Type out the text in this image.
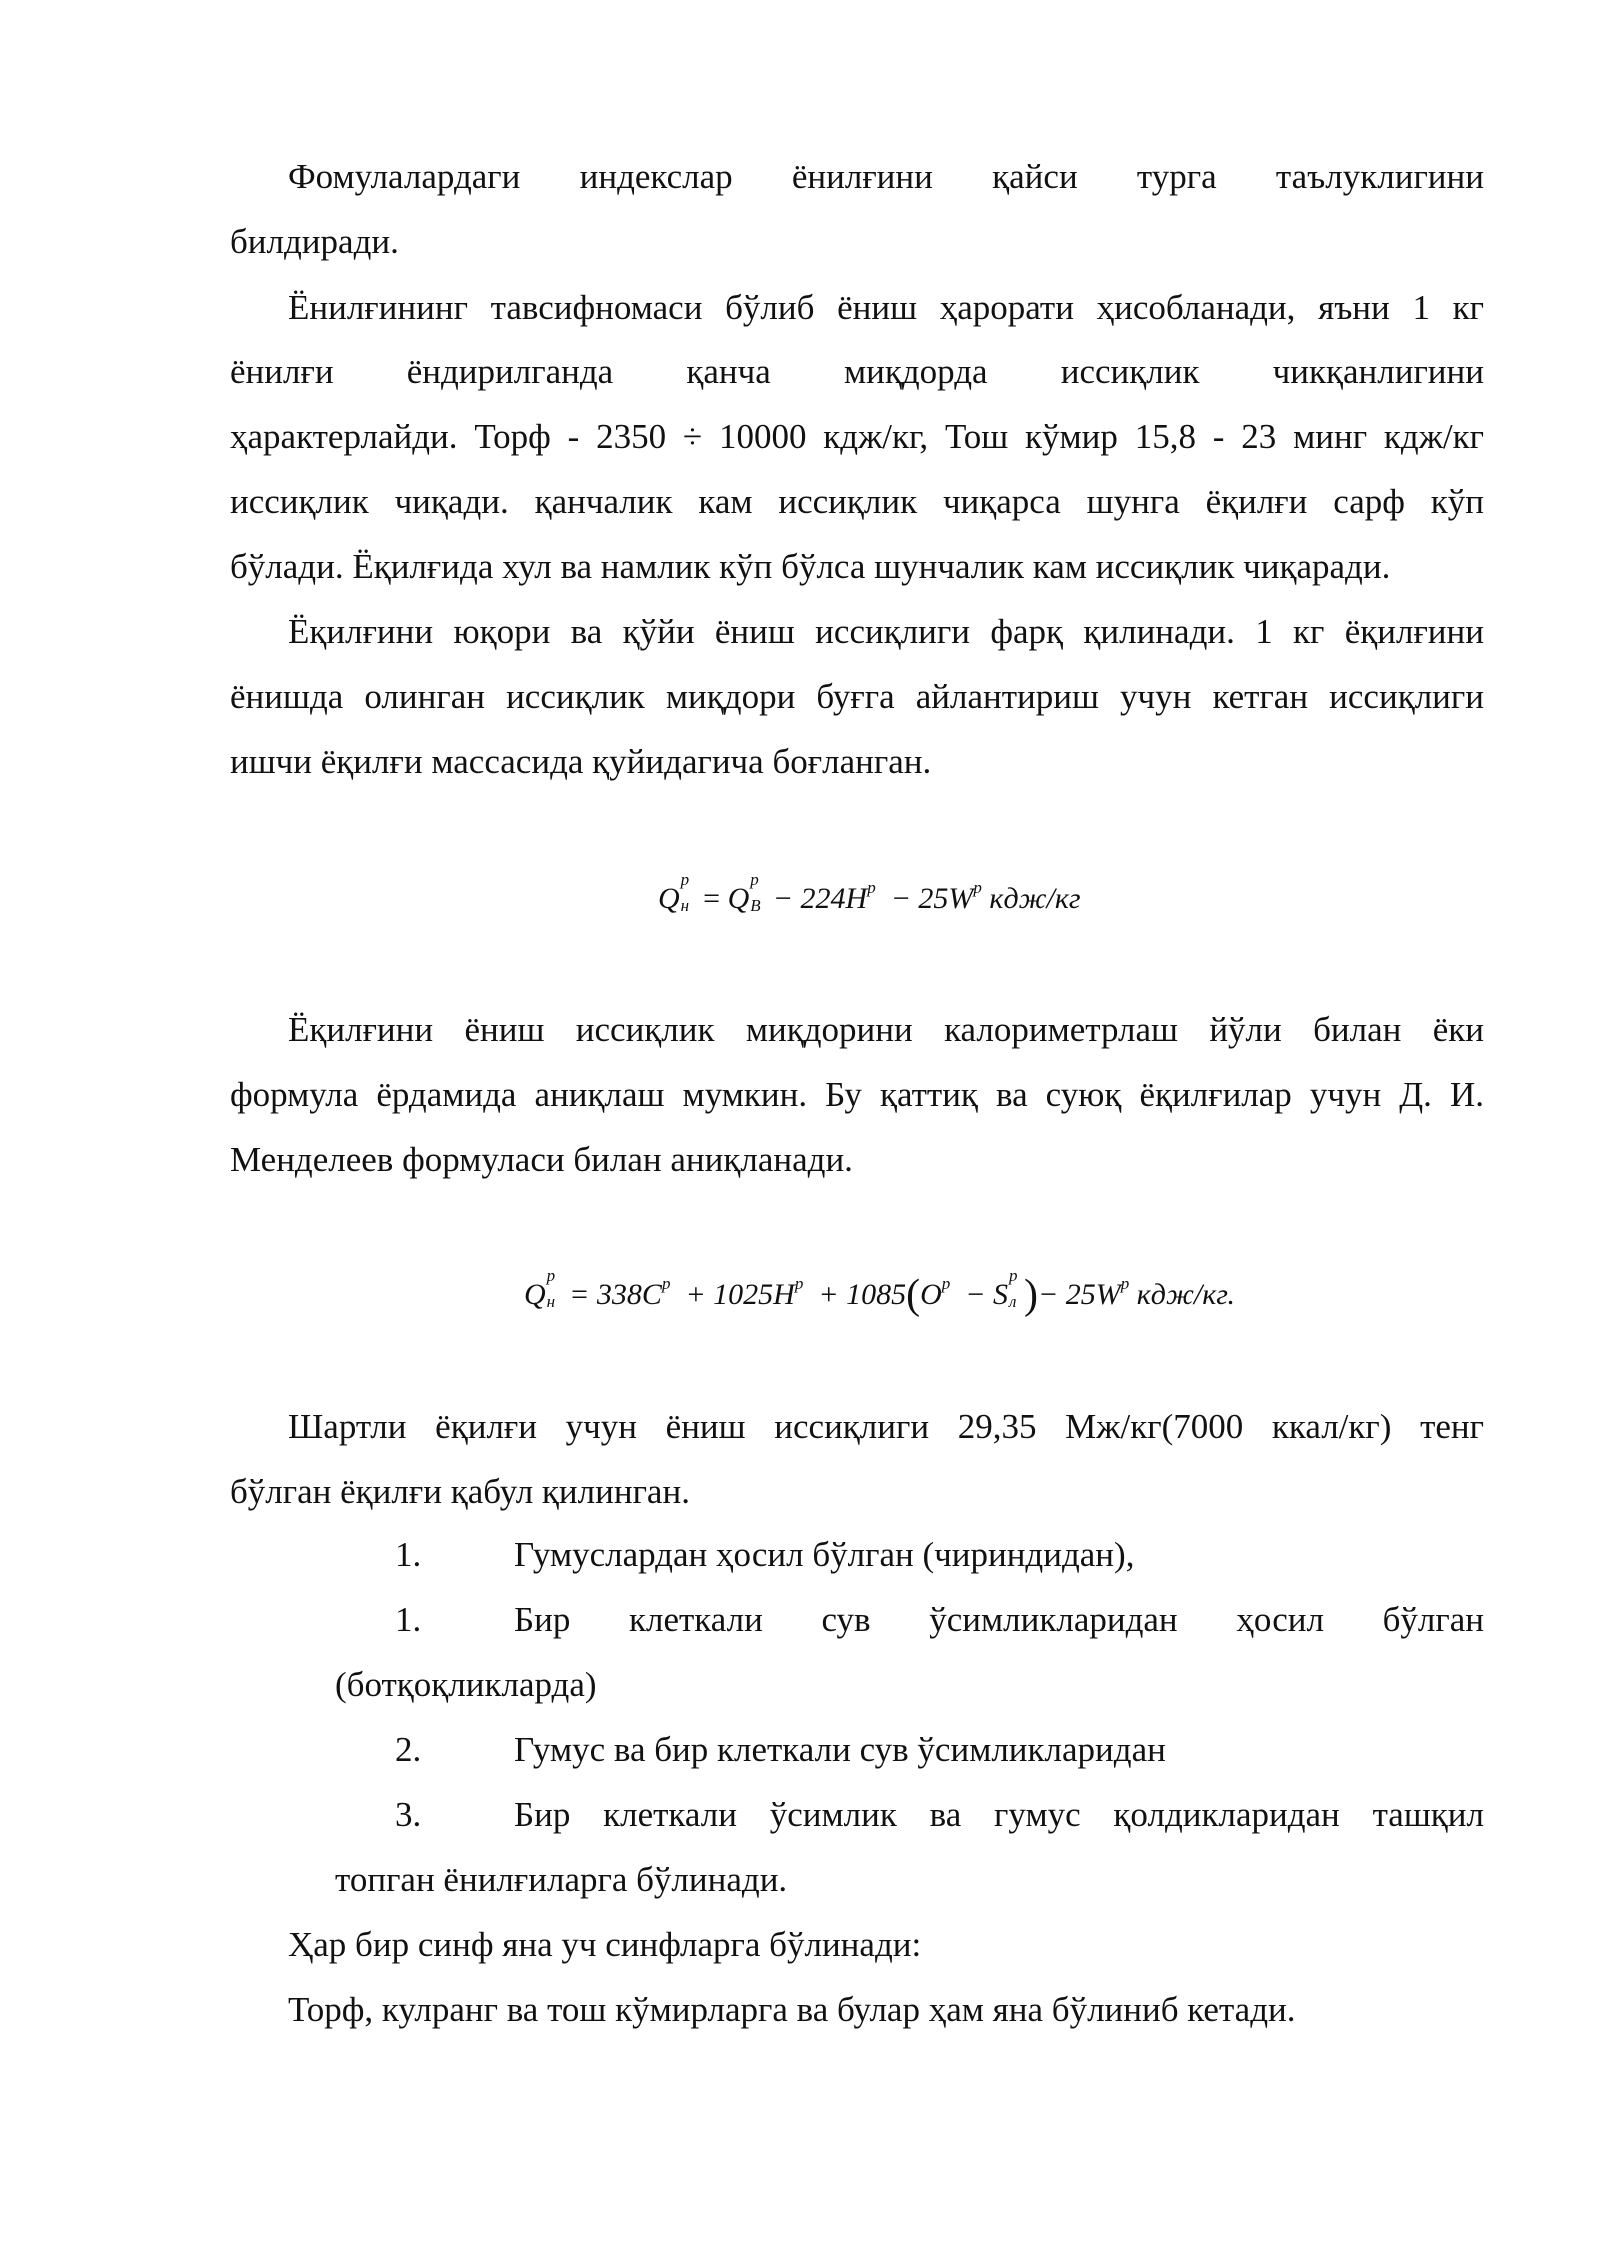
Фомулалардаги индекслар ёнилғини қайси турга таълуклигини
билдиради.
Ёнилғининг тавсифномаси бўлиб ёниш ҳарорати ҳисобланади, яъни 1 кг
ёнилғи ёндирилганда қанча миқдорда иссиқлик чикқанлигини
ҳарактерлайди. Торф - 2350 ÷ 10000 кдж/кг, Тош кўмир 15,8 - 23 минг кдж/кг
иссиқлик чиқади. қанчалик кам иссиқлик чиқарса шунга ёқилғи сарф кўп
бўлади. Ёқилғида хул ва намлик кўп бўлса шунчалик кам иссиқлик чиқаради.
Ёқилғини юқори ва қўйи ёниш иссиқлиги фарқ қилинади. 1 кг ёқилғини
ёнишда олинган иссиқлик миқдори буғга айлантириш учун кетган иссиқлиги
ишчи ёқилғи массасида қуйидагича боғланган.
Q
р
н = Q
р
$В - 224H^р - 25W^р$ кдж/кг
Ёқилғини ёниш иссиқлик миқдорини калориметрлаш йўли билан ёки
формула ёрдамида аниқлаш мумкин. Бу қаттиқ ва суюқ ёқилғилар учун Д. И.
Менделеев формуласи билан аниқланади.
Q
р
$н = 338C^р + 1025H^р + 1085(O^р - S$
р
л )− $25W^р$ кдж/кг.
Шартли ёқилғи учун ёниш иссиқлиги 29,35 Мж/кг(7000 ккал/кг) тенг
бўлган ёқилғи қабул қилинган.
1.	Гумуслардан ҳосил бўлган (чириндидан),
1.	Бир клеткали сув ўсимликларидан ҳосил бўлган
(ботқоқликларда)
2.	Гумус ва бир клеткали сув ўсимликларидан
3.	Бир клеткали ўсимлик ва гумус қолдикларидан ташқил
топган ёнилғиларга бўлинади.
Ҳар бир синф яна уч синфларга бўлинади:
Торф, кулранг ва тош кўмирларга ва булар ҳам яна бўлиниб кетади.
